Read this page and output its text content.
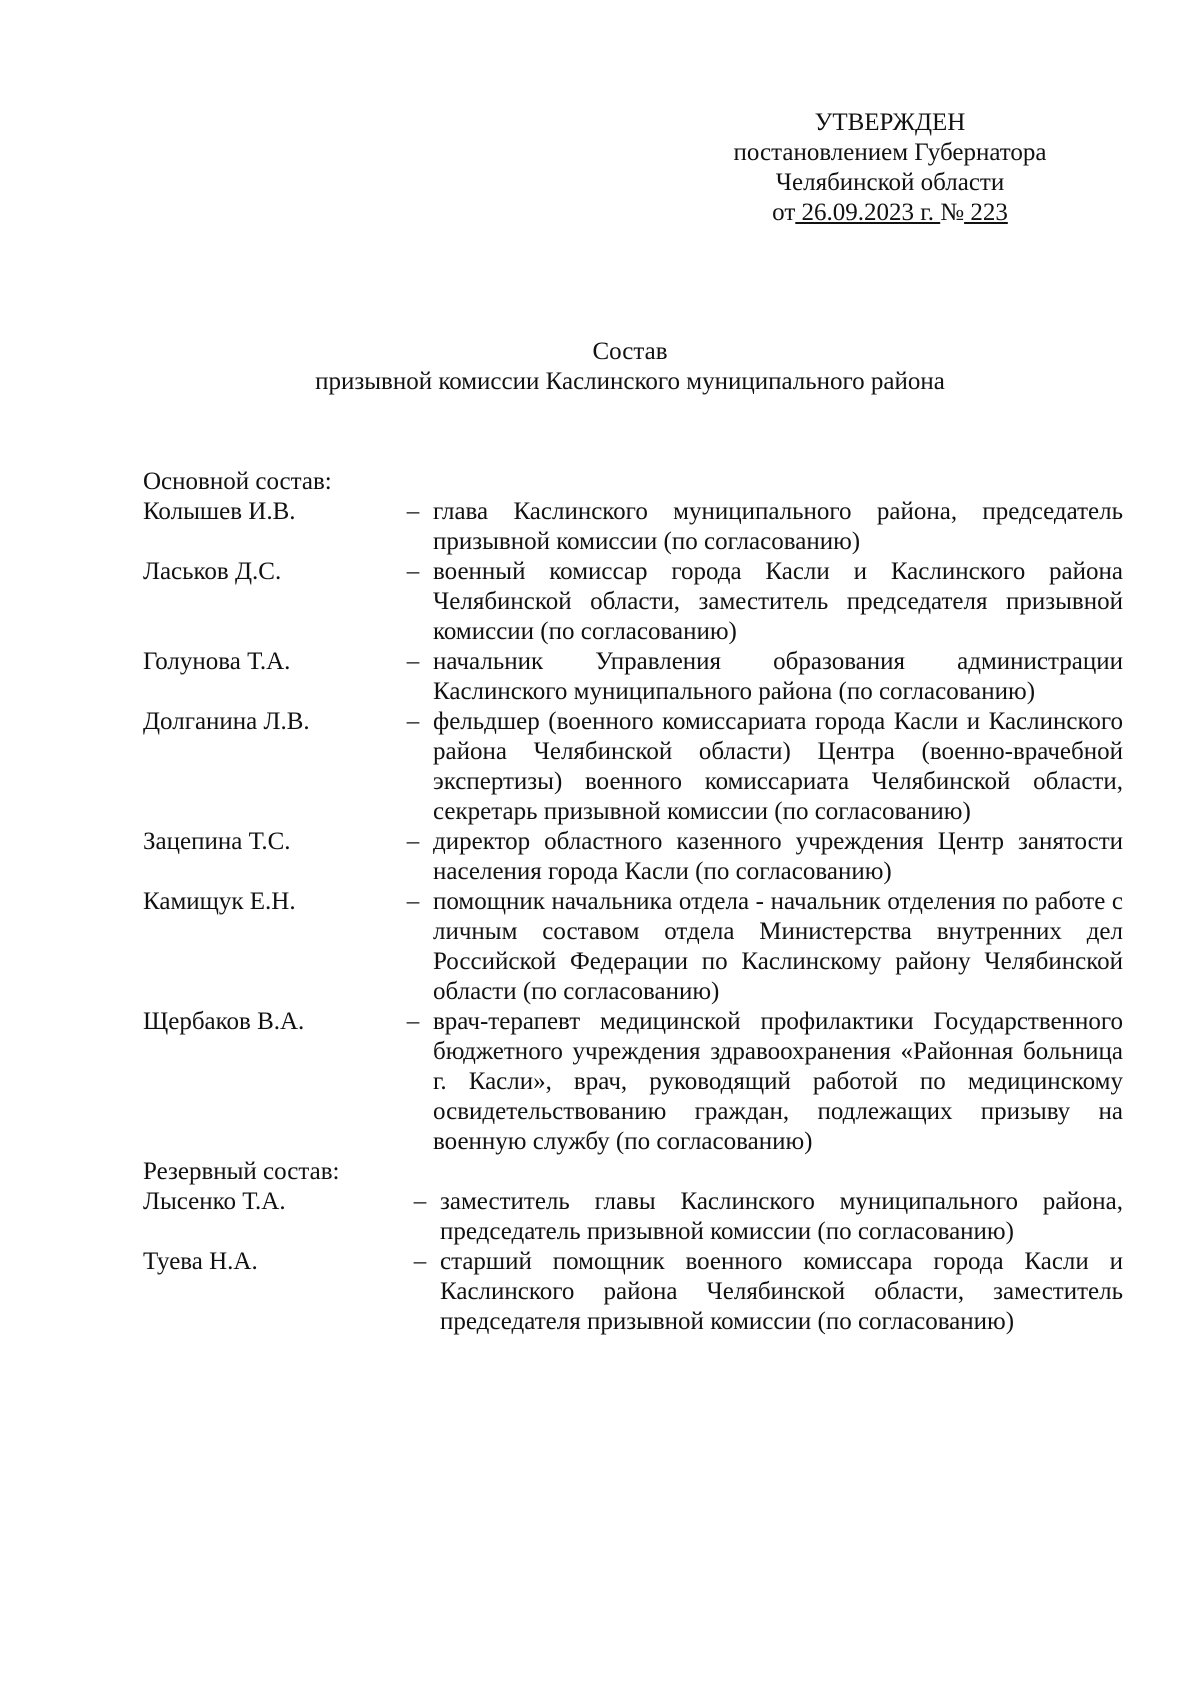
УТВЕРЖДЕН
постановлением Губернатора
Челябинской области
от 26.09.2023 г. № 223
Состав
призывной комиссии Каслинского муниципального района
Основной состав:
Колышев И.В.	– глава Каслинского муниципального района, председатель призывной комиссии (по согласованию)
Ласьков Д.С.	– военный комиссар города Касли и Каслинского района Челябинской области, заместитель председателя призывной комиссии (по согласованию)
Голунова Т.А.	– начальник Управления образования администрации Каслинского муниципального района (по согласованию)
Долганина Л.В.	– фельдшер (военного комиссариата города Касли и Каслинского района Челябинской области) Центра (военно-врачебной экспертизы) военного комиссариата Челябинской области, секретарь призывной комиссии (по согласованию)
Зацепина Т.С.	– директор областного казенного учреждения Центр занятости населения города Касли (по согласованию)
Камищук Е.Н.	– помощник начальника отдела - начальник отделения по работе с личным составом отдела Министерства внутренних дел Российской Федерации по Каслинскому району Челябинской области (по согласованию)
Щербаков В.А.	– врач-терапевт медицинской профилактики Государственного бюджетного учреждения здравоохранения «Районная больница г. Касли», врач, руководящий работой по медицинскому освидетельствованию граждан, подлежащих призыву на военную службу (по согласованию)
Резервный состав:
Лысенко Т.А.	– заместитель главы Каслинского муниципального района, председатель призывной комиссии (по согласованию)
Туева Н.А.	– старший помощник военного комиссара города Касли и Каслинского района Челябинской области, заместитель председателя призывной комиссии (по согласованию)
